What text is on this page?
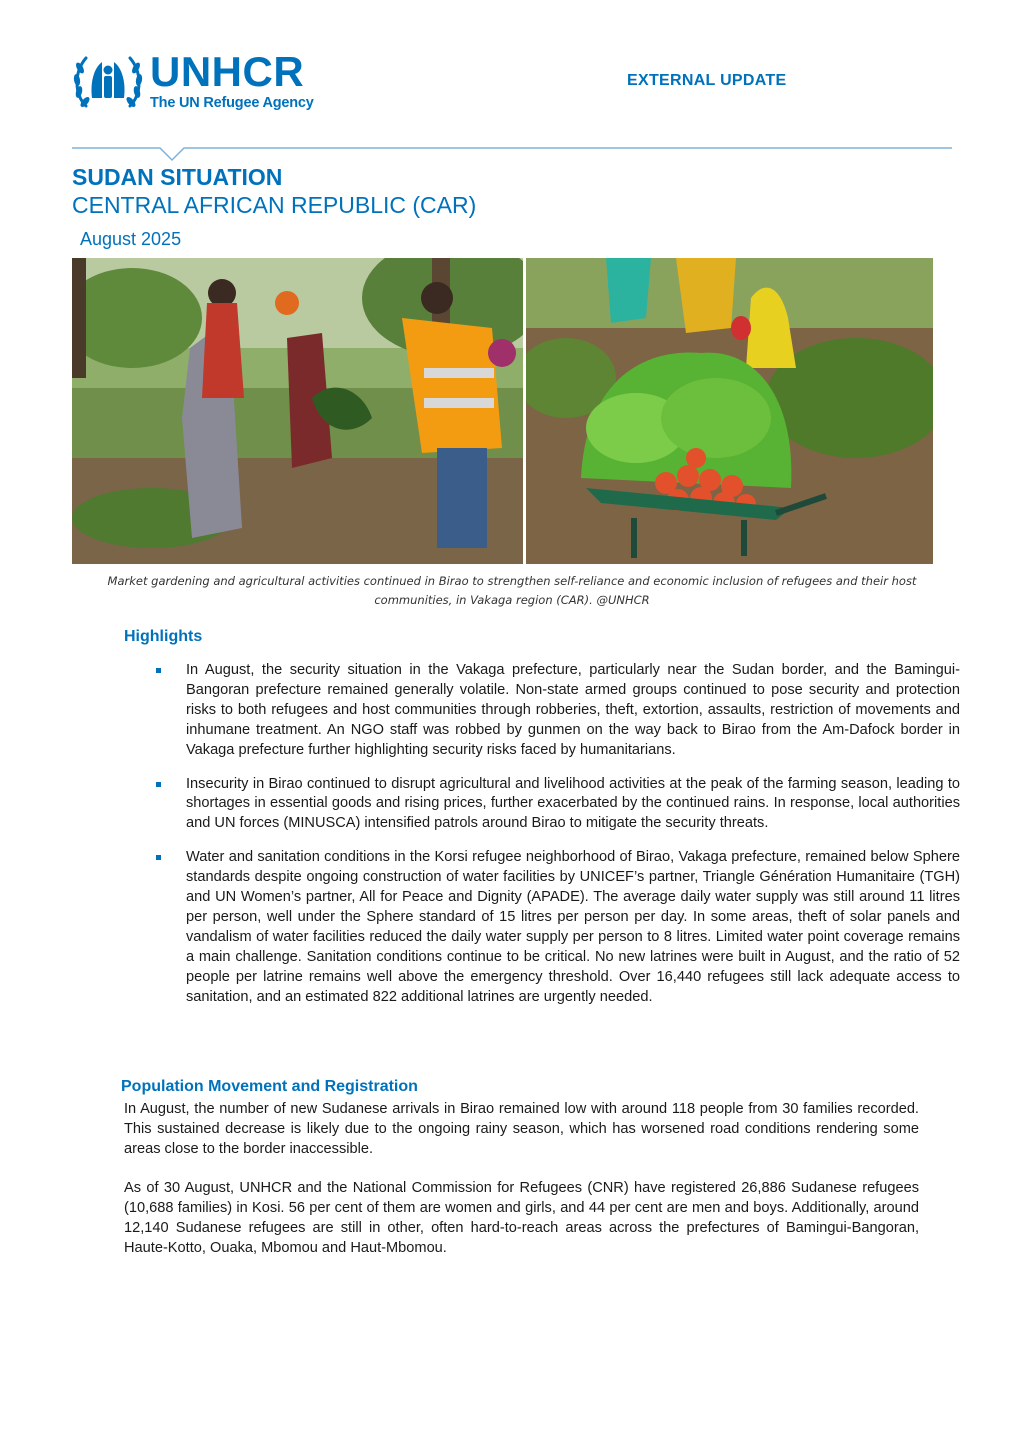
UNHCR
The UN Refugee Agency
EXTERNAL UPDATE
SUDAN SITUATION
CENTRAL AFRICAN REPUBLIC (CAR)
August 2025
Market gardening and agricultural activities continued in Birao to strengthen self-reliance and economic inclusion of refugees and their host communities, in Vakaga region (CAR). @UNHCR
Highlights
In August, the security situation in the Vakaga prefecture, particularly near the Sudan border, and the Bamingui-Bangoran prefecture remained generally volatile. Non-state armed groups continued to pose security and protection risks to both refugees and host communities through robberies, theft, extortion, assaults, restriction of movements and inhumane treatment. An NGO staff was robbed by gunmen on the way back to Birao from the Am-Dafock border in Vakaga prefecture further highlighting security risks faced by humanitarians.
Insecurity in Birao continued to disrupt agricultural and livelihood activities at the peak of the farming season, leading to shortages in essential goods and rising prices, further exacerbated by the continued rains. In response, local authorities and UN forces (MINUSCA) intensified patrols around Birao to mitigate the security threats.
Water and sanitation conditions in the Korsi refugee neighborhood of Birao, Vakaga prefecture, remained below Sphere standards despite ongoing construction of water facilities by UNICEF’s partner, Triangle Génération Humanitaire (TGH) and UN Women’s partner, All for Peace and Dignity (APADE). The average daily water supply was still around 11 litres per person, well under the Sphere standard of 15 litres per person per day. In some areas, theft of solar panels and vandalism of water facilities reduced the daily water supply per person to 8 litres. Limited water point coverage remains a main challenge. Sanitation conditions continue to be critical. No new latrines were built in August, and the ratio of 52 people per latrine remains well above the emergency threshold. Over 16,440 refugees still lack adequate access to sanitation, and an estimated 822 additional latrines are urgently needed.
Population Movement and Registration

In August, the number of new Sudanese arrivals in Birao remained low with around 118 people from 30 families recorded. This sustained decrease is likely due to the ongoing rainy season, which has worsened road conditions rendering some areas close to the border inaccessible.

As of 30 August, UNHCR and the National Commission for Refugees (CNR) have registered 26,886 Sudanese refugees (10,688 families) in Kosi. 56 per cent of them are women and girls, and 44 per cent are men and boys. Additionally, around 12,140 Sudanese refugees are still in other, often hard-to-reach areas across the prefectures of Bamingui-Bangoran, Haute-Kotto, Ouaka, Mbomou and Haut-Mbomou.
